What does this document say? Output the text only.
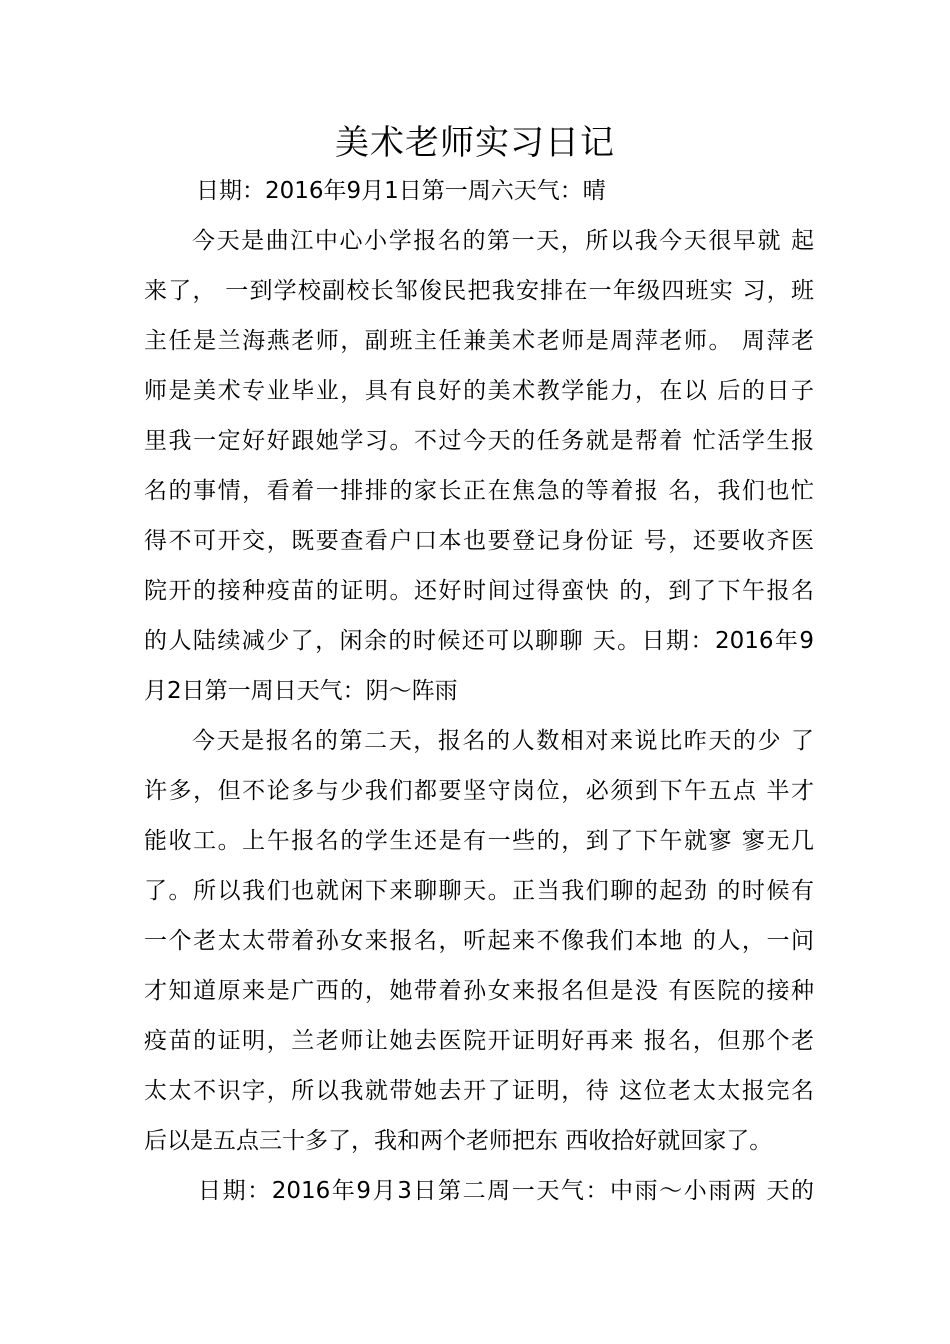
美术老师实习日记
日期：2016年9月1日第一周六天气：晴
今天是曲江中心小学报名的第一天，所以我今天很早就 起
来了， 一到学校副校长邹俊民把我安排在一年级四班实 习，班
主任是兰海燕老师，副班主任兼美术老师是周萍老师。 周萍老
师是美术专业毕业，具有良好的美术教学能力，在以 后的日子
里我一定好好跟她学习。不过今天的任务就是帮着 忙活学生报
名的事情，看着一排排的家长正在焦急的等着报 名，我们也忙
得不可开交，既要查看户口本也要登记身份证 号，还要收齐医
院开的接种疫苗的证明。还好时间过得蛮快 的，到了下午报名
的人陆续减少了，闲余的时候还可以聊聊 天。日期：2016年9
月2日第一周日天气：阴～阵雨
今天是报名的第二天，报名的人数相对来说比昨天的少 了
许多，但不论多与少我们都要坚守岗位，必须到下午五点 半才
能收工。上午报名的学生还是有一些的，到了下午就寥 寥无几
了。所以我们也就闲下来聊聊天。正当我们聊的起劲 的时候有
一个老太太带着孙女来报名，听起来不像我们本地 的人，一问
才知道原来是广西的，她带着孙女来报名但是没 有医院的接种
疫苗的证明，兰老师让她去医院开证明好再来 报名，但那个老
太太不识字，所以我就带她去开了证明，待 这位老太太报完名
后以是五点三十多了，我和两个老师把东 西收拾好就回家了。
日期：2016年9月3日第二周一天气：中雨～小雨两 天的
